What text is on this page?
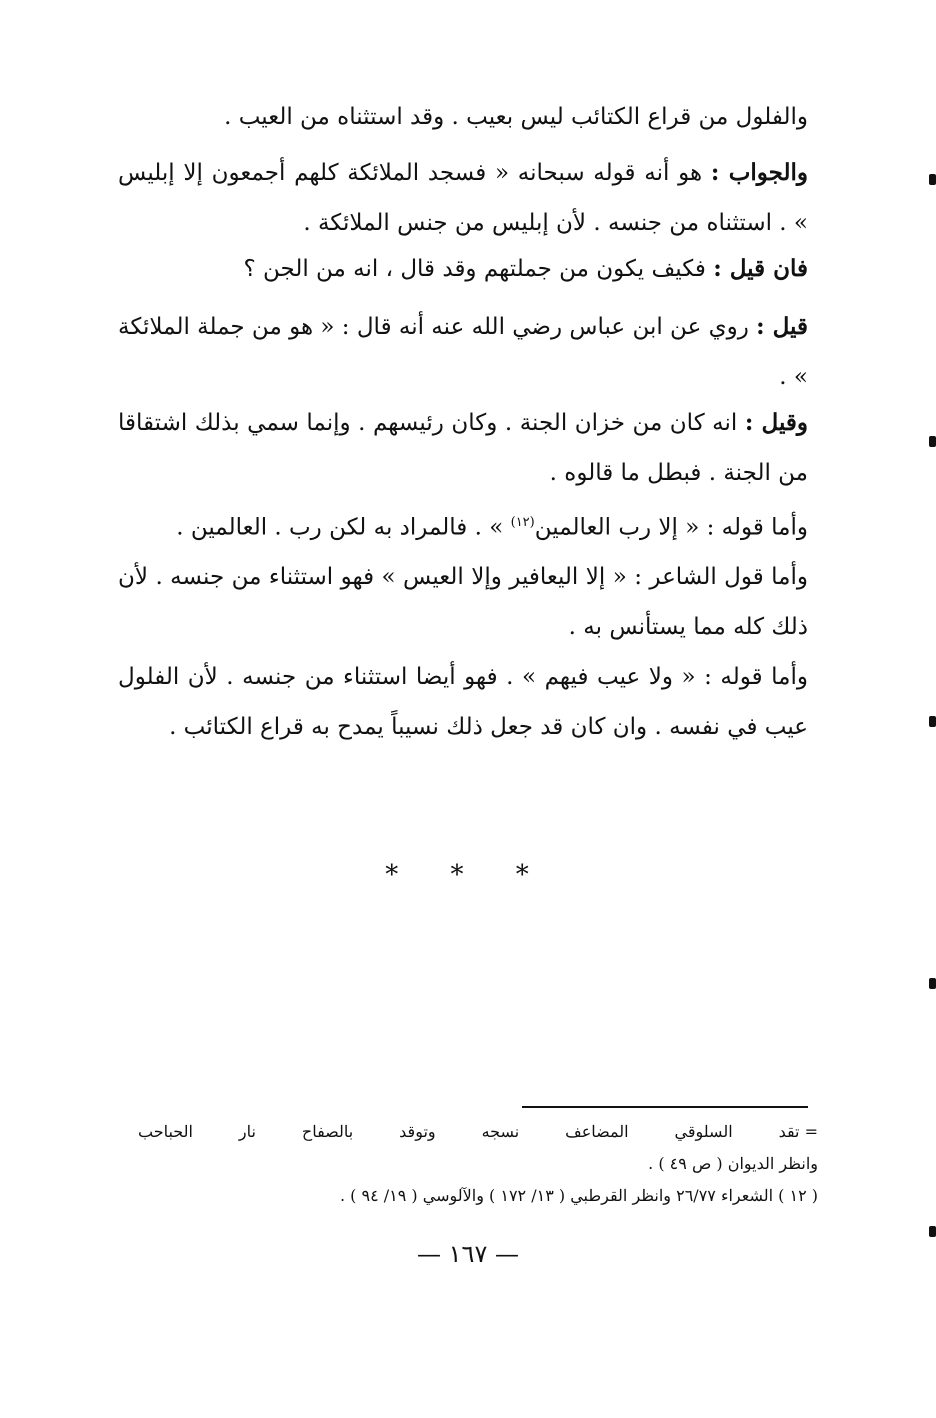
والفلول من قراع الكتائب ليس بعيب . وقد استثناه من العيب .

والجواب : هو أنه قوله سبحانه « فسجد الملائكة كلهم أجمعون إلا إبليس » . استثناه من جنسه . لأن إبليس من جنس الملائكة .

فان قيل : فكيف يكون من جملتهم وقد قال ، انه من الجن ؟

قيل : روي عن ابن عباس رضي الله عنه أنه قال : « هو من جملة الملائكة » .

وقيل : انه كان من خزان الجنة . وكان رئيسهم . وإنما سمي بذلك اشتقاقا من الجنة . فبطل ما قالوه .

وأما قوله : « إلا رب العالمين$^{(١٢)}$ » . فالمراد به لكن رب . العالمين .

وأما قول الشاعر : « إلا اليعافير وإلا العيس » فهو استثناء من جنسه . لأن ذلك كله مما يستأنس به .

وأما قوله : « ولا عيب فيهم » . فهو أيضا استثناء من جنسه . لأن الفلول عيب في نفسه . وان كان قد جعل ذلك نسيباً يمدح به قراع الكتائب .

* * *
= تقد
السلوقي
المضاعف
نسجه
وتوقد
بالصفاح
نار
الحباحب
وانظر الديوان ( ص ٤٩ ) .
( ١٢ ) الشعراء ٢٦/٧٧ وانظر القرطبي ( ١٣/ ١٧٢ ) والآلوسي ( ١٩/ ٩٤ ) .
— ١٦٧ —
